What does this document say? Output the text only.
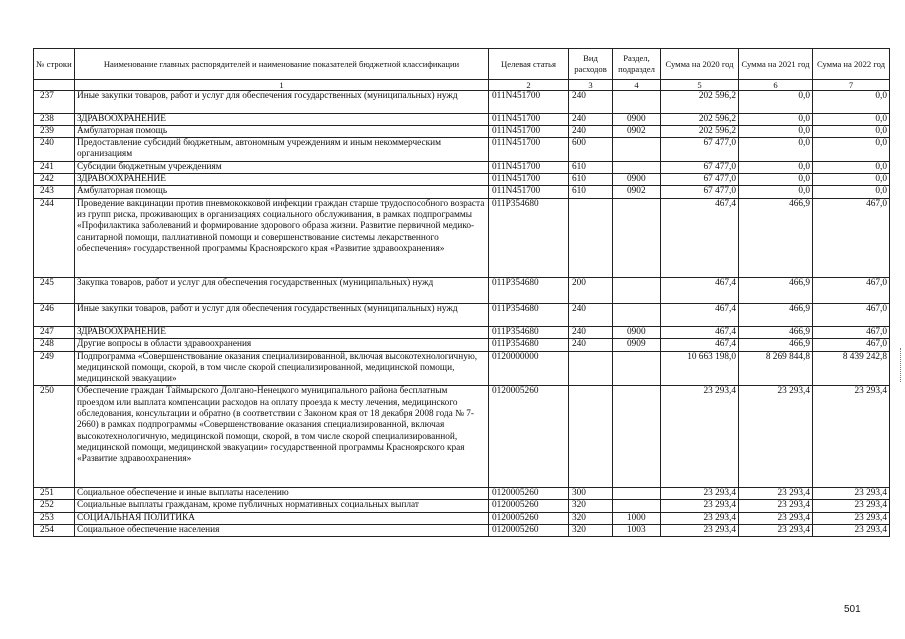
№ строки	Наименование главных распорядителей и наименование показателей бюджетной классификации	Целевая статья	Вид расходов	Раздел, подраздел	Сумма на 2020 год	Сумма на 2021 год	Сумма на 2022 год
	1	2	3	4	5	6	7
237	Иные закупки товаров, работ и услуг для обеспечения государственных (муниципальных) нужд	011N451700	240		202 596,2	0,0	0,0
238	ЗДРАВООХРАНЕНИЕ	011N451700	240	0900	202 596,2	0,0	0,0
239	Амбулаторная помощь	011N451700	240	0902	202 596,2	0,0	0,0
240	Предоставление субсидий бюджетным, автономным учреждениям и иным некоммерческим организациям	011N451700	600		67 477,0	0,0	0,0
241	Субсидии бюджетным учреждениям	011N451700	610		67 477,0	0,0	0,0
242	ЗДРАВООХРАНЕНИЕ	011N451700	610	0900	67 477,0	0,0	0,0
243	Амбулаторная помощь	011N451700	610	0902	67 477,0	0,0	0,0
244	Проведение вакцинации против пневмококковой инфекции граждан старше трудоспособного возраста из групп риска, проживающих в организациях социального обслуживания, в рамках подпрограммы «Профилактика заболеваний и формирование здорового образа жизни. Развитие первичной медико-санитарной помощи, паллиативной помощи и совершенствование системы лекарственного обеспечения» государственной программы Красноярского края «Развитие здравоохранения»	011P354680			467,4	466,9	467,0
245	Закупка товаров, работ и услуг для обеспечения государственных (муниципальных) нужд	011P354680	200		467,4	466,9	467,0
246	Иные закупки товаров, работ и услуг для обеспечения государственных (муниципальных) нужд	011P354680	240		467,4	466,9	467,0
247	ЗДРАВООХРАНЕНИЕ	011P354680	240	0900	467,4	466,9	467,0
248	Другие вопросы в области здравоохранения	011P354680	240	0909	467,4	466,9	467,0
249	Подпрограмма «Совершенствование оказания специализированной, включая высокотехнологичную, медицинской помощи, скорой, в том числе скорой специализированной, медицинской помощи, медицинской эвакуации»	0120000000			10 663 198,0	8 269 844,8	8 439 242,8
250	Обеспечение граждан Таймырского Долгано-Ненецкого муниципального района бесплатным проездом или выплата компенсации расходов на оплату проезда к месту лечения, медицинского обследования, консультации и обратно (в соответствии с Законом края от 18 декабря 2008 года № 7-2660) в рамках подпрограммы «Совершенствование оказания специализированной, включая высокотехнологичную, медицинской помощи, скорой, в том числе скорой специализированной, медицинской помощи, медицинской эвакуации» государственной программы Красноярского края «Развитие здравоохранения»	0120005260			23 293,4	23 293,4	23 293,4
251	Социальное обеспечение и иные выплаты населению	0120005260	300		23 293,4	23 293,4	23 293,4
252	Социальные выплаты гражданам, кроме публичных нормативных социальных выплат	0120005260	320		23 293,4	23 293,4	23 293,4
253	СОЦИАЛЬНАЯ ПОЛИТИКА	0120005260	320	1000	23 293,4	23 293,4	23 293,4
254	Социальное обеспечение населения	0120005260	320	1003	23 293,4	23 293,4	23 293,4
501
